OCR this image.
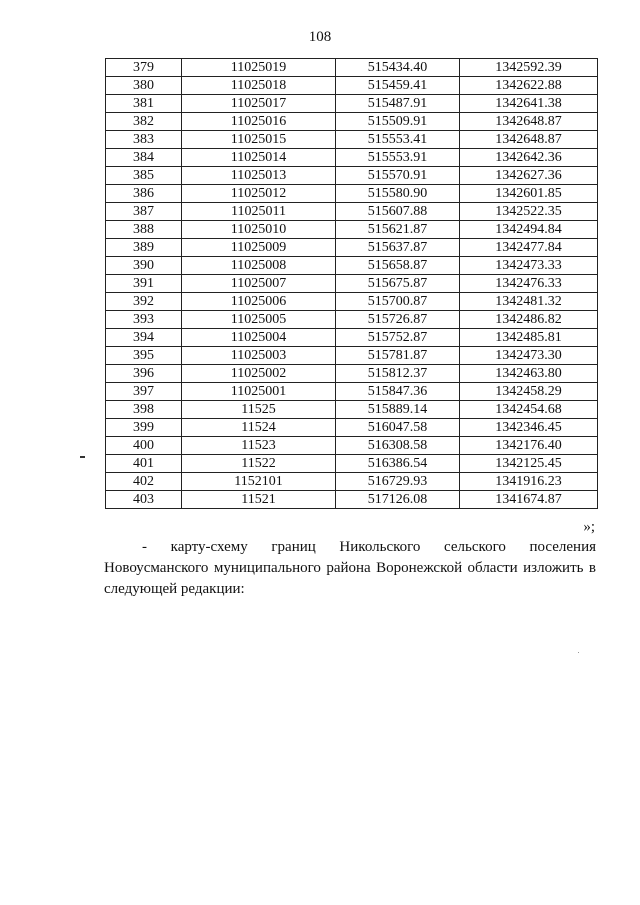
108
379	11025019	515434.40	1342592.39
380	11025018	515459.41	1342622.88
381	11025017	515487.91	1342641.38
382	11025016	515509.91	1342648.87
383	11025015	515553.41	1342648.87
384	11025014	515553.91	1342642.36
385	11025013	515570.91	1342627.36
386	11025012	515580.90	1342601.85
387	11025011	515607.88	1342522.35
388	11025010	515621.87	1342494.84
389	11025009	515637.87	1342477.84
390	11025008	515658.87	1342473.33
391	11025007	515675.87	1342476.33
392	11025006	515700.87	1342481.32
393	11025005	515726.87	1342486.82
394	11025004	515752.87	1342485.81
395	11025003	515781.87	1342473.30
396	11025002	515812.37	1342463.80
397	11025001	515847.36	1342458.29
398	11525	515889.14	1342454.68
399	11524	516047.58	1342346.45
400	11523	516308.58	1342176.40
401	11522	516386.54	1342125.45
402	1152101	516729.93	1341916.23
403	11521	517126.08	1341674.87
»;
- карту-схему границ Никольского сельского поселения Новоусманского муниципального района Воронежской области изложить в следующей редакции:
